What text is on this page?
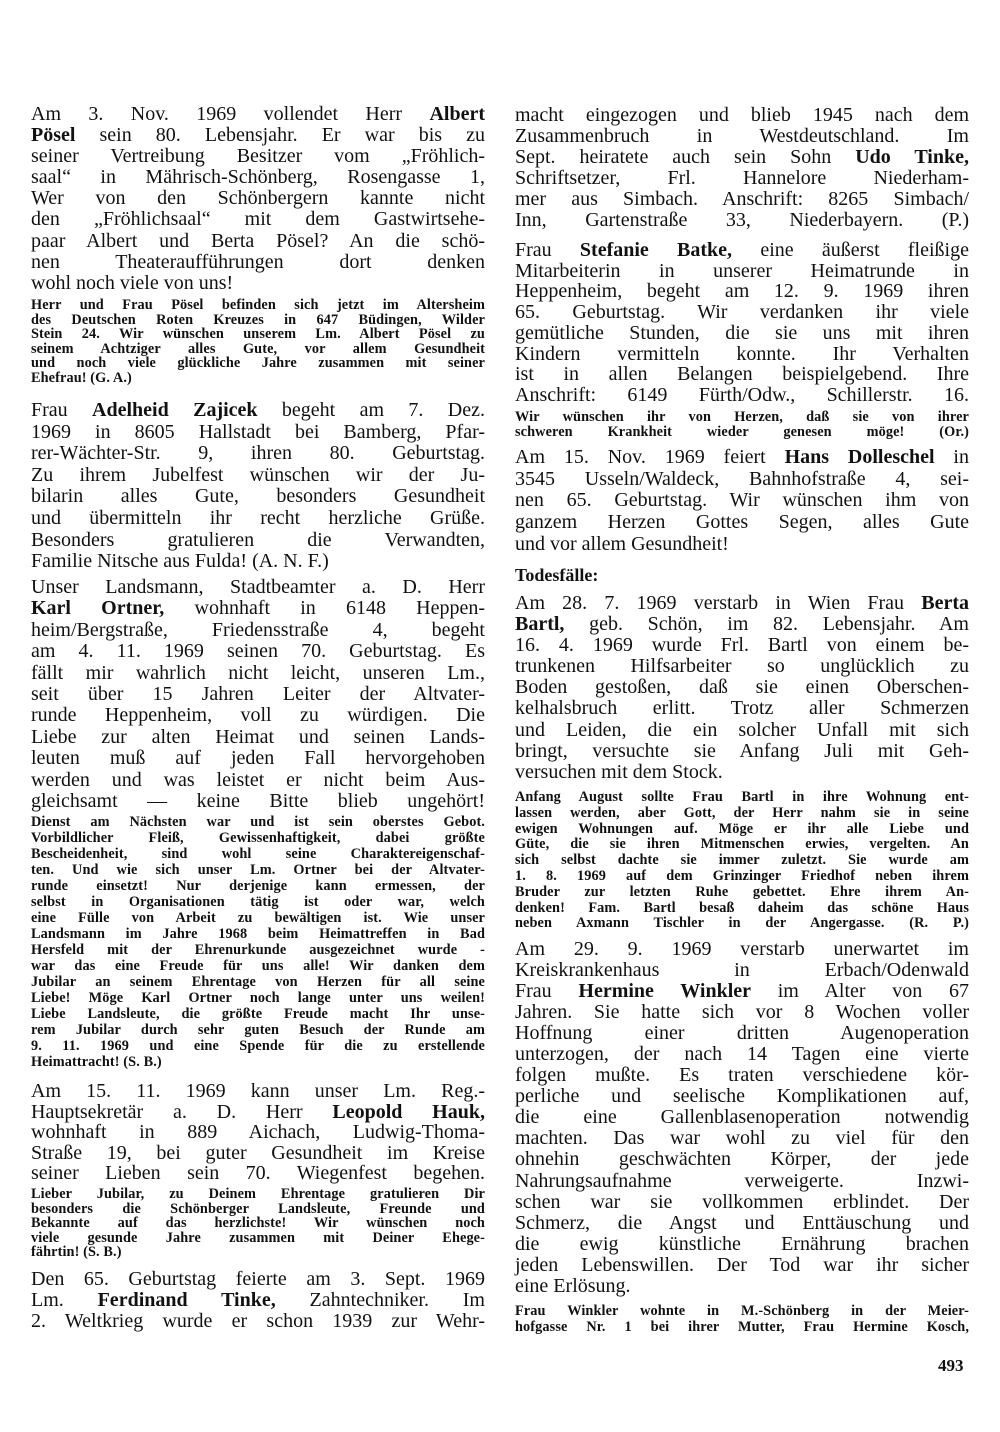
Am 3. Nov. 1969 vollendet Herr Albert
Pösel sein 80. Lebensjahr. Er war bis zu
seiner Vertreibung Besitzer vom „Fröhlich-
saal“ in Mährisch-Schönberg, Rosengasse 1,
Wer von den Schönbergern kannte nicht
den „Fröhlichsaal“ mit dem Gastwirtsehe-
paar Albert und Berta Pösel? An die schö-
nen Theateraufführungen dort denken
wohl noch viele von uns!
Herr und Frau Pösel befinden sich jetzt im Altersheim
des Deutschen Roten Kreuzes in 647 Büdingen, Wilder
Stein 24. Wir wünschen unserem Lm. Albert Pösel zu
seinem Achtziger alles Gute, vor allem Gesundheit
und noch viele glückliche Jahre zusammen mit seiner
Ehefrau! (G. A.)
Frau Adelheid Zajicek begeht am 7. Dez.
1969 in 8605 Hallstadt bei Bamberg, Pfar-
rer-Wächter-Str. 9, ihren 80. Geburtstag.
Zu ihrem Jubelfest wünschen wir der Ju-
bilarin alles Gute, besonders Gesundheit
und übermitteln ihr recht herzliche Grüße.
Besonders gratulieren die Verwandten,
Familie Nitsche aus Fulda! (A. N. F.)
Unser Landsmann, Stadtbeamter a. D. Herr
Karl Ortner, wohnhaft in 6148 Heppen-
heim/Bergstraße, Friedensstraße 4, begeht
am 4. 11. 1969 seinen 70. Geburtstag. Es
fällt mir wahrlich nicht leicht, unseren Lm.,
seit über 15 Jahren Leiter der Altvater-
runde Heppenheim, voll zu würdigen. Die
Liebe zur alten Heimat und seinen Lands-
leuten muß auf jeden Fall hervorgehoben
werden und was leistet er nicht beim Aus-
gleichsamt — keine Bitte blieb ungehört!
Dienst am Nächsten war und ist sein oberstes Gebot.
Vorbildlicher Fleiß, Gewissenhaftigkeit, dabei größte
Bescheidenheit, sind wohl seine Charaktereigenschaf-
ten. Und wie sich unser Lm. Ortner bei der Altvater-
runde einsetzt! Nur derjenige kann ermessen, der
selbst in Organisationen tätig ist oder war, welch
eine Fülle von Arbeit zu bewältigen ist. Wie unser
Landsmann im Jahre 1968 beim Heimattreffen in Bad
Hersfeld mit der Ehrenurkunde ausgezeichnet wurde -
war das eine Freude für uns alle! Wir danken dem
Jubilar an seinem Ehrentage von Herzen für all seine
Liebe! Möge Karl Ortner noch lange unter uns weilen!
Liebe Landsleute, die größte Freude macht Ihr unse-
rem Jubilar durch sehr guten Besuch der Runde am
9. 11. 1969 und eine Spende für die zu erstellende
Heimattracht! (S. B.)
Am 15. 11. 1969 kann unser Lm. Reg.-
Hauptsekretär a. D. Herr Leopold Hauk,
wohnhaft in 889 Aichach, Ludwig-Thoma-
Straße 19, bei guter Gesundheit im Kreise
seiner Lieben sein 70. Wiegenfest begehen.
Lieber Jubilar, zu Deinem Ehrentage gratulieren Dir
besonders die Schönberger Landsleute, Freunde und
Bekannte auf das herzlichste! Wir wünschen noch
viele gesunde Jahre zusammen mit Deiner Ehege-
fährtin! (S. B.)
Den 65. Geburtstag feierte am 3. Sept. 1969
Lm. Ferdinand Tinke, Zahntechniker. Im
2. Weltkrieg wurde er schon 1939 zur Wehr-
macht eingezogen und blieb 1945 nach dem
Zusammenbruch in Westdeutschland. Im
Sept. heiratete auch sein Sohn Udo Tinke,
Schriftsetzer, Frl. Hannelore Niederham-
mer aus Simbach. Anschrift: 8265 Simbach/
Inn, Gartenstraße 33, Niederbayern. (P.)
Frau Stefanie Batke, eine äußerst fleißige
Mitarbeiterin in unserer Heimatrunde in
Heppenheim, begeht am 12. 9. 1969 ihren
65. Geburtstag. Wir verdanken ihr viele
gemütliche Stunden, die sie uns mit ihren
Kindern vermitteln konnte. Ihr Verhalten
ist in allen Belangen beispielgebend. Ihre
Anschrift: 6149 Fürth/Odw., Schillerstr. 16.
Wir wünschen ihr von Herzen, daß sie von ihrer
schweren Krankheit wieder genesen möge! (Or.)
Am 15. Nov. 1969 feiert Hans Dolleschel in
3545 Usseln/Waldeck, Bahnhofstraße 4, sei-
nen 65. Geburtstag. Wir wünschen ihm von
ganzem Herzen Gottes Segen, alles Gute
und vor allem Gesundheit!
Todesfälle:
Am 28. 7. 1969 verstarb in Wien Frau Berta
Bartl, geb. Schön, im 82. Lebensjahr. Am
16. 4. 1969 wurde Frl. Bartl von einem be-
trunkenen Hilfsarbeiter so unglücklich zu
Boden gestoßen, daß sie einen Oberschen-
kelhalsbruch erlitt. Trotz aller Schmerzen
und Leiden, die ein solcher Unfall mit sich
bringt, versuchte sie Anfang Juli mit Geh-
versuchen mit dem Stock.
Anfang August sollte Frau Bartl in ihre Wohnung ent-
lassen werden, aber Gott, der Herr nahm sie in seine
ewigen Wohnungen auf. Möge er ihr alle Liebe und
Güte, die sie ihren Mitmenschen erwies, vergelten. An
sich selbst dachte sie immer zuletzt. Sie wurde am
1. 8. 1969 auf dem Grinzinger Friedhof neben ihrem
Bruder zur letzten Ruhe gebettet. Ehre ihrem An-
denken! Fam. Bartl besaß daheim das schöne Haus
neben Axmann Tischler in der Angergasse. (R. P.)
Am 29. 9. 1969 verstarb unerwartet im
Kreiskrankenhaus in Erbach/Odenwald
Frau Hermine Winkler im Alter von 67
Jahren. Sie hatte sich vor 8 Wochen voller
Hoffnung einer dritten Augenoperation
unterzogen, der nach 14 Tagen eine vierte
folgen mußte. Es traten verschiedene kör-
perliche und seelische Komplikationen auf,
die eine Gallenblasenoperation notwendig
machten. Das war wohl zu viel für den
ohnehin geschwächten Körper, der jede
Nahrungsaufnahme verweigerte. Inzwi-
schen war sie vollkommen erblindet. Der
Schmerz, die Angst und Enttäuschung und
die ewig künstliche Ernährung brachen
jeden Lebenswillen. Der Tod war ihr sicher
eine Erlösung.
Frau Winkler wohnte in M.-Schönberg in der Meier-
hofgasse Nr. 1 bei ihrer Mutter, Frau Hermine Kosch,
493
